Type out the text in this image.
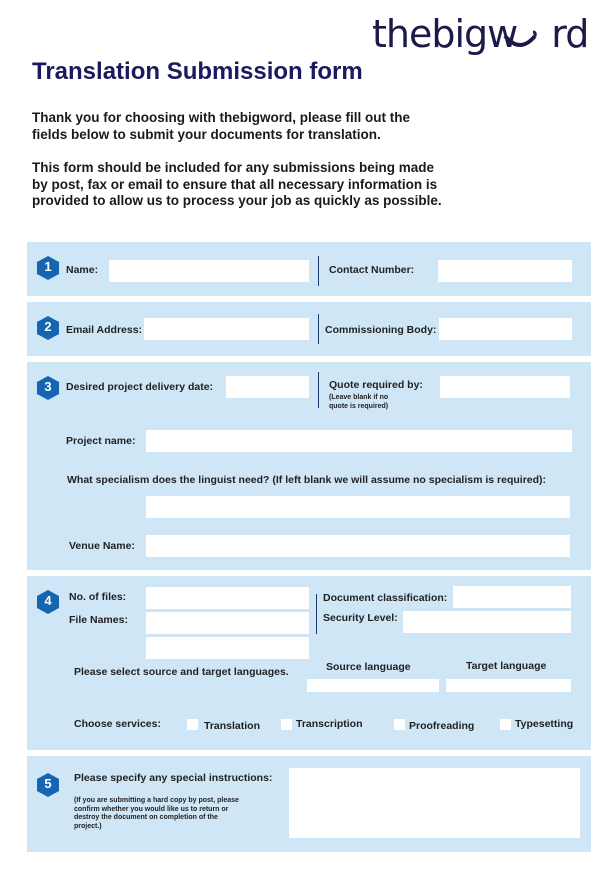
thebigw rd
Translation Submission form
Thank you for choosing with thebigword, please fill out the
fields below to submit your documents for translation.
This form should be included for any submissions being made
by post, fax or email to ensure that all necessary information is
provided to allow us to process your job as quickly as possible.
1	Name:	Contact Number:
2	Email Address:	Commissioning Body:
3	Desired project delivery date:	Quote required by:
(Leave blank if no
quote is required)
Project name:
What specialism does the linguist need? (If left blank we will assume no specialism is required):
Venue Name:
4	No. of files:
File Names:
Document classification:
Security Level:
Please select source and target languages.	Source language	Target language
Choose services:	Translation	Transcription	Proofreading	Typesetting
5	Please specify any special instructions:
(If you are submitting a hard copy by post, please
confirm whether you would like us to return or
destroy the document on completion of the
project.)
